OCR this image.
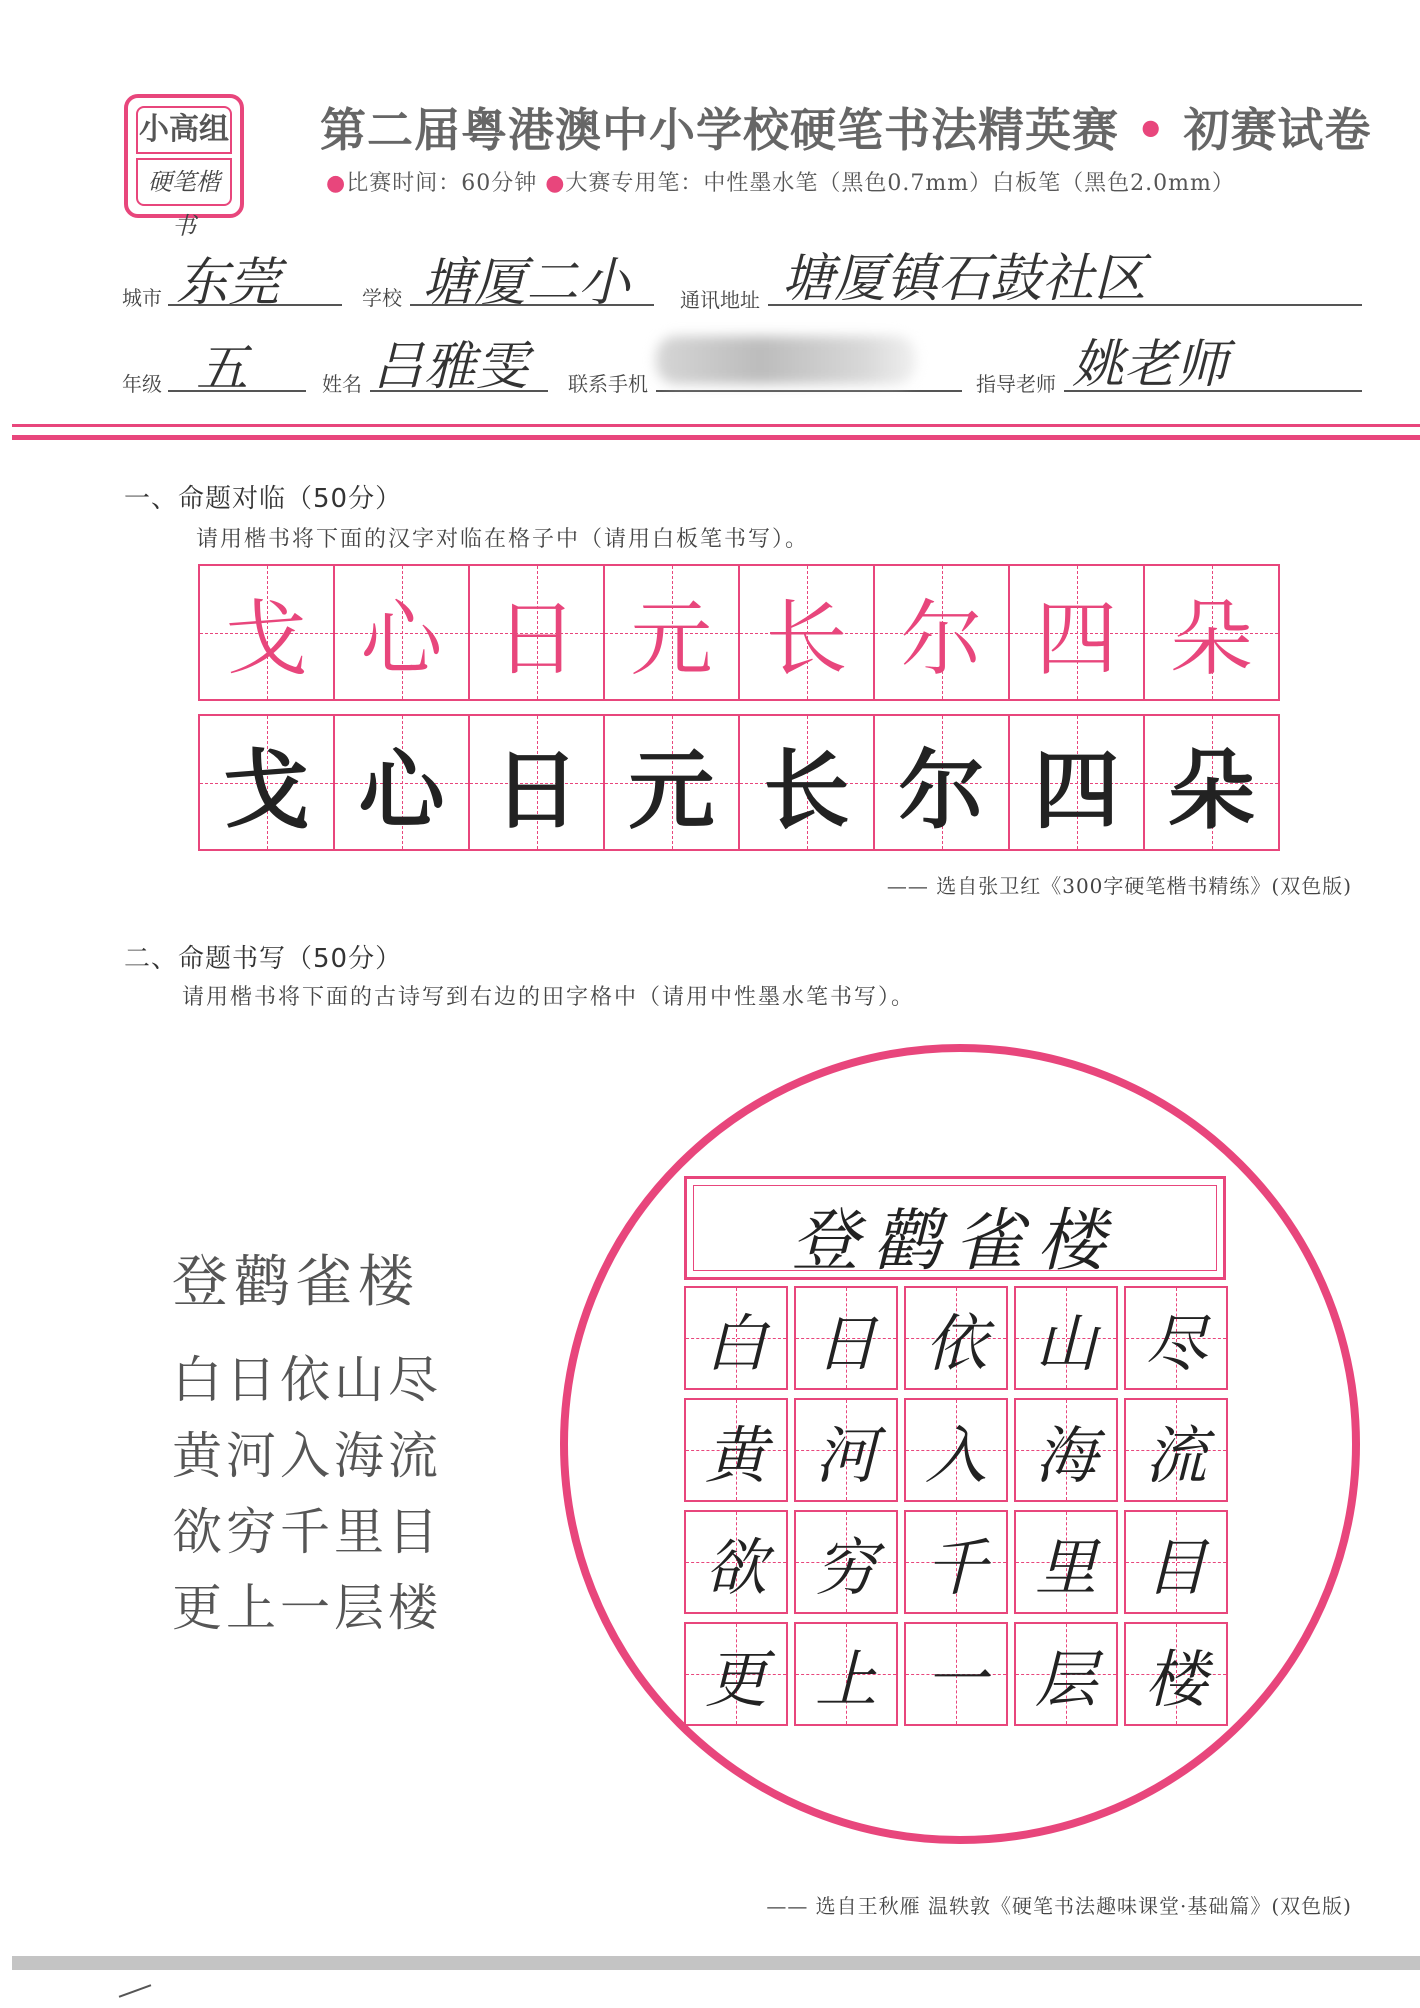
小高组
硬笔楷书
第二届粤港澳中小学校硬笔书法精英赛 • 初赛试卷
●比赛时间：60分钟 ●大赛专用笔：中性墨水笔（黑色0.7mm）白板笔（黑色2.0mm）
城市 东莞	学校 塘厦二小 通讯地址 塘厦镇石鼓社区
年级 五	姓名 吕雅雯 联系手机	指导老师 姚老师
一、命题对临（50分）
请用楷书将下面的汉字对临在格子中（请用白板笔书写）。
戈 心 日 元 长 尔 四 朵
戈 心 日 元 长 尔 四 朵
—— 选自张卫红《300字硬笔楷书精练》(双色版)
二、命题书写（50分）
请用楷书将下面的古诗写到右边的田字格中（请用中性墨水笔书写）。
登鹳雀楼
白日依山尽
黄河入海流
欲穷千里目
更上一层楼
登鹳雀楼
白 日 依 山 尽
黄 河 入 海 流
欲 穷 千 里 目
更 上 一 层 楼
—— 选自王秋雁 温轶敦《硬笔书法趣味课堂·基础篇》(双色版)
